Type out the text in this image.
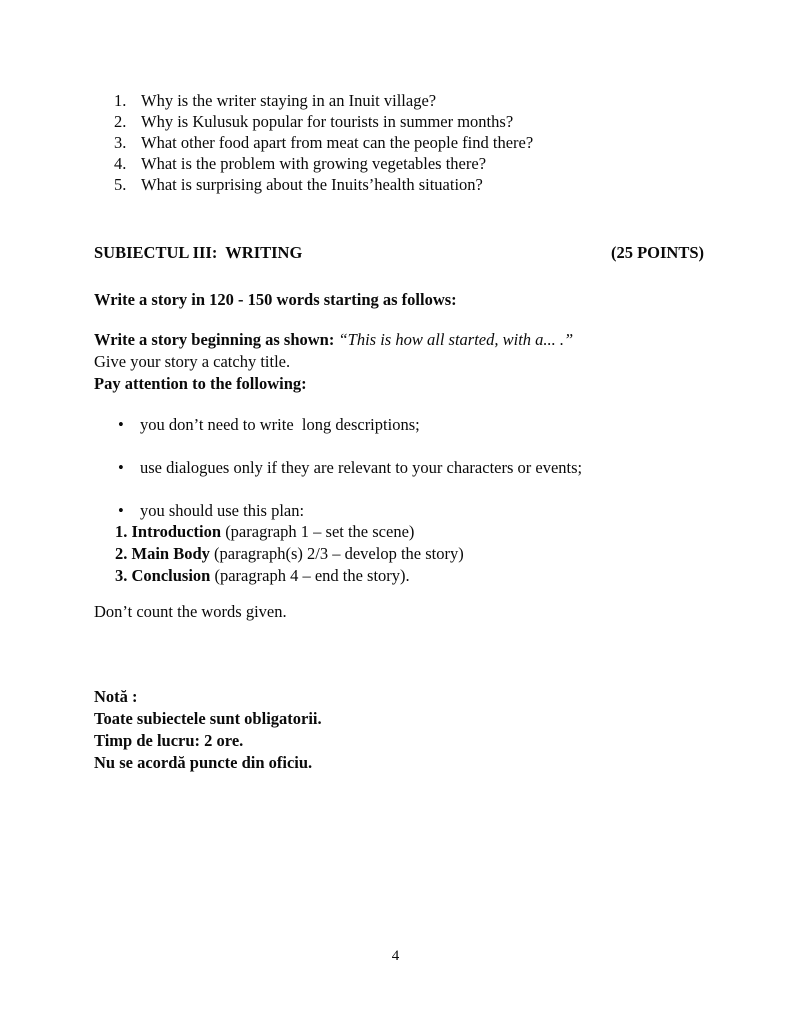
1. Why is the writer staying in an Inuit village?
2. Why is Kulusuk popular for tourists in summer months?
3. What other food apart from meat can the people find there?
4. What is the problem with growing vegetables there?
5. What is surprising about the Inuits’health situation?
SUBIECTUL III:  WRITING	(25 POINTS)
Write a story in 120 - 150 words starting as follows:
Write a story beginning as shown: “This is how all started, with a... .”
Give your story a catchy title.
Pay attention to the following:
• you don’t need to write  long descriptions;
• use dialogues only if they are relevant to your characters or events;
• you should use this plan:
1. Introduction (paragraph 1 – set the scene)
2. Main Body (paragraph(s) 2/3 – develop the story)
3. Conclusion (paragraph 4 – end the story).
Don’t count the words given.
Notă :
Toate subiectele sunt obligatorii.
Timp de lucru: 2 ore.
Nu se acordă puncte din oficiu.
4
